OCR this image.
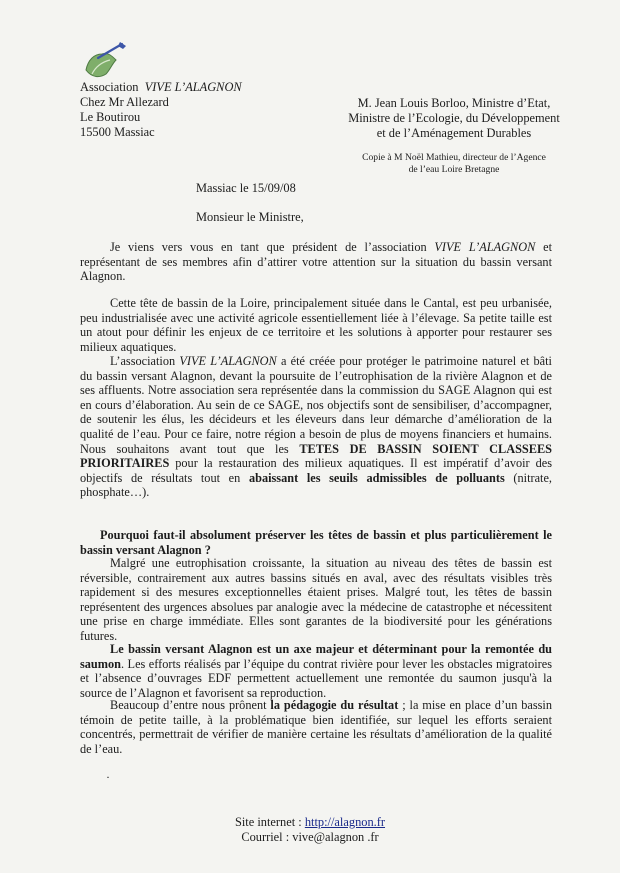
Association VIVE L’ALAGNON
Chez Mr Allezard
Le Boutirou
15500 Massiac
M. Jean Louis Borloo, Ministre d’Etat,
Ministre de l’Ecologie, du Développement
et de l’Aménagement Durables
Copie à M Noël Mathieu, directeur de l’Agence
de l’eau Loire Bretagne
Massiac le 15/09/08
Monsieur le Ministre,

Je viens vers vous en tant que président de l’association VIVE L’ALAGNON et représentant de ses membres afin d’attirer votre attention sur la situation du bassin versant Alagnon.

Cette tête de bassin de la Loire, principalement située dans le Cantal, est peu urbanisée, peu industrialisée avec une activité agricole essentiellement liée à l’élevage. Sa petite taille est un atout pour définir les enjeux de ce territoire et les solutions à apporter pour restaurer ses milieux aquatiques.

L’association VIVE L’ALAGNON a été créée pour protéger le patrimoine naturel et bâti du bassin versant Alagnon, devant la poursuite de l’eutrophisation de la rivière Alagnon et de ses affluents. Notre association sera représentée dans la commission du SAGE Alagnon qui est en cours d’élaboration. Au sein de ce SAGE, nos objectifs sont de sensibiliser, d’accompagner, de soutenir les élus, les décideurs et les éleveurs dans leur démarche d’amélioration de la qualité de l’eau. Pour ce faire, notre région a besoin de plus de moyens financiers et humains. Nous souhaitons avant tout que les TETES DE BASSIN SOIENT CLASSEES PRIORITAIRES pour la restauration des milieux aquatiques. Il est impératif d’avoir des objectifs de résultats tout en abaissant les seuils admissibles de polluants (nitrate, phosphate…).

Pourquoi faut-il absolument préserver les têtes de bassin et plus particulièrement le bassin versant Alagnon ?

Malgré une eutrophisation croissante, la situation au niveau des têtes de bassin est réversible, contrairement aux autres bassins situés en aval, avec des résultats visibles très rapidement si des mesures exceptionnelles étaient prises. Malgré tout, les têtes de bassin représentent des urgences absolues par analogie avec la médecine de catastrophe et nécessitent une prise en charge immédiate. Elles sont garantes de la biodiversité pour les générations futures.

Le bassin versant Alagnon est un axe majeur et déterminant pour la remontée du saumon. Les efforts réalisés par l’équipe du contrat rivière pour lever les obstacles migratoires et l’absence d’ouvrages EDF permettent actuellement une remontée du saumon jusqu'à la source de l’Alagnon et favorisent sa reproduction.

Beaucoup d’entre nous prônent la pédagogie du résultat ; la mise en place d’un bassin témoin de petite taille, à la problématique bien identifiée, sur lequel les efforts seraient concentrés, permettrait de vérifier de manière certaine les résultats d’amélioration de la qualité de l’eau.

·
Site internet : http://alagnon.fr
Courriel : vive@alagnon .fr
